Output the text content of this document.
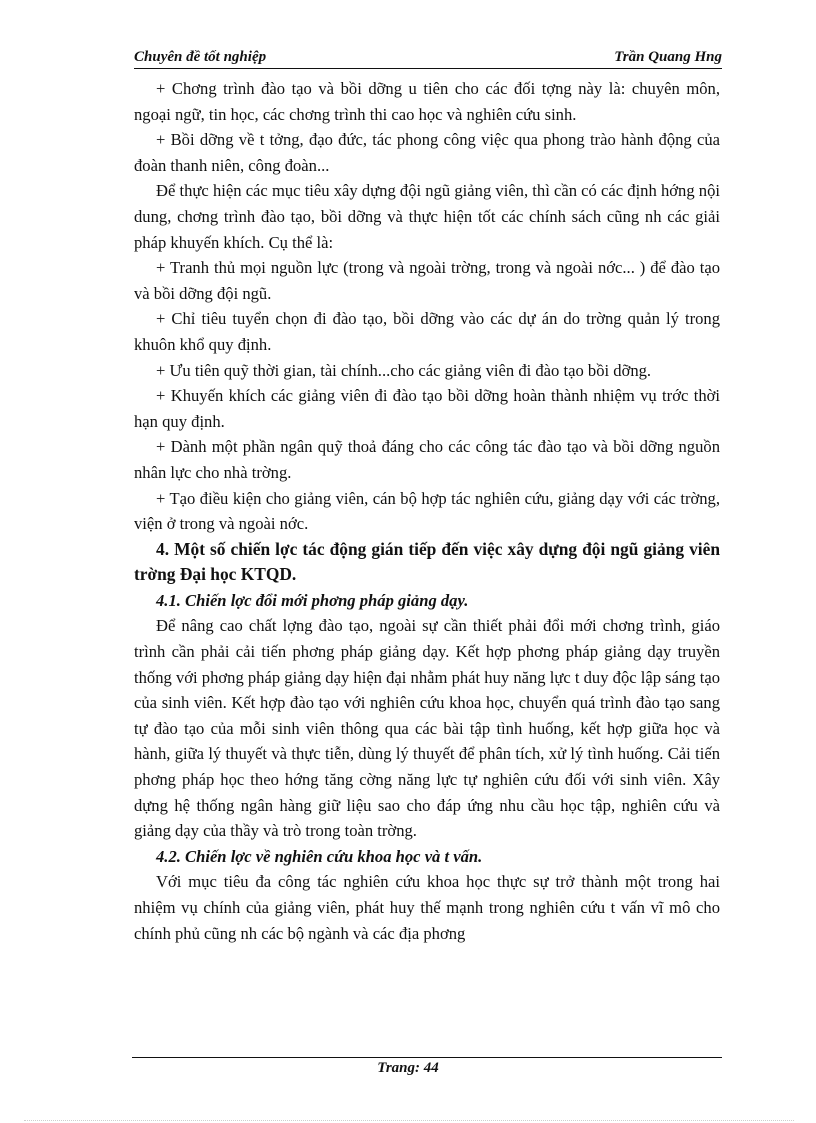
Chuyên đề tốt nghiệp	Trần Quang Hng

+ Chơng trình đào tạo và bồi dỡng u tiên cho các đối tợng này là: chuyên môn, ngoại ngữ, tin học, các chơng trình thi cao học và nghiên cứu sinh.

+ Bồi dỡng về t tởng, đạo đức, tác phong công việc qua phong trào hành động của đoàn thanh niên, công đoàn...

Để thực hiện các mục tiêu xây dựng đội ngũ giảng viên, thì cần có các định hớng nội dung, chơng trình đào tạo, bồi dỡng và thực hiện tốt các chính sách cũng nh các giải pháp khuyến khích. Cụ thể là:

+ Tranh thủ mọi nguồn lực (trong và ngoài trờng, trong và ngoài nớc... ) để đào tạo và bồi dỡng đội ngũ.

+ Chỉ tiêu tuyển chọn đi đào tạo, bồi dỡng vào các dự án do trờng quản lý trong khuôn khổ quy định.

+ Ưu tiên quỹ thời gian, tài chính...cho các giảng viên đi đào tạo bồi dỡng.

+ Khuyến khích các giảng viên đi đào tạo bồi dỡng hoàn thành nhiệm vụ trớc thời hạn quy định.

+ Dành một phần ngân quỹ thoả đáng cho các công tác đào tạo và bồi dỡng nguồn nhân lực cho nhà trờng.

+ Tạo điều kiện cho giảng viên, cán bộ hợp tác nghiên cứu, giảng dạy với các trờng, viện ở trong và ngoài nớc.

4. Một số chiến lợc tác động gián tiếp đến việc xây dựng đội ngũ giảng viên trờng Đại học KTQD.

4.1. Chiến lợc đổi mới phơng pháp giảng dạy.

Để nâng cao chất lợng đào tạo, ngoài sự cần thiết phải đổi mới chơng trình, giáo trình cần phải cải tiến phơng pháp giảng dạy. Kết hợp phơng pháp giảng dạy truyền thống với phơng pháp giảng dạy hiện đại nhằm phát huy năng lực t duy độc lập sáng tạo của sinh viên. Kết hợp đào tạo với nghiên cứu khoa học, chuyển quá trình đào tạo sang tự đào tạo của mỗi sinh viên thông qua các bài tập tình huống, kết hợp giữa học và hành, giữa lý thuyết và thực tiễn, dùng lý thuyết để phân tích, xử lý tình huống. Cải tiến phơng pháp học theo hớng tăng cờng năng lực tự nghiên cứu đối với sinh viên. Xây dựng hệ thống ngân hàng giữ liệu sao cho đáp ứng nhu cầu học tập, nghiên cứu và giảng dạy của thầy và trò trong toàn trờng.

4.2. Chiến lợc về nghiên cứu khoa học và t vấn.

Với mục tiêu đa công tác nghiên cứu khoa học thực sự trở thành một trong hai nhiệm vụ chính của giảng viên, phát huy thế mạnh trong nghiên cứu t vấn vĩ mô cho chính phủ cũng nh các bộ ngành và các địa phơng

Trang: 44
